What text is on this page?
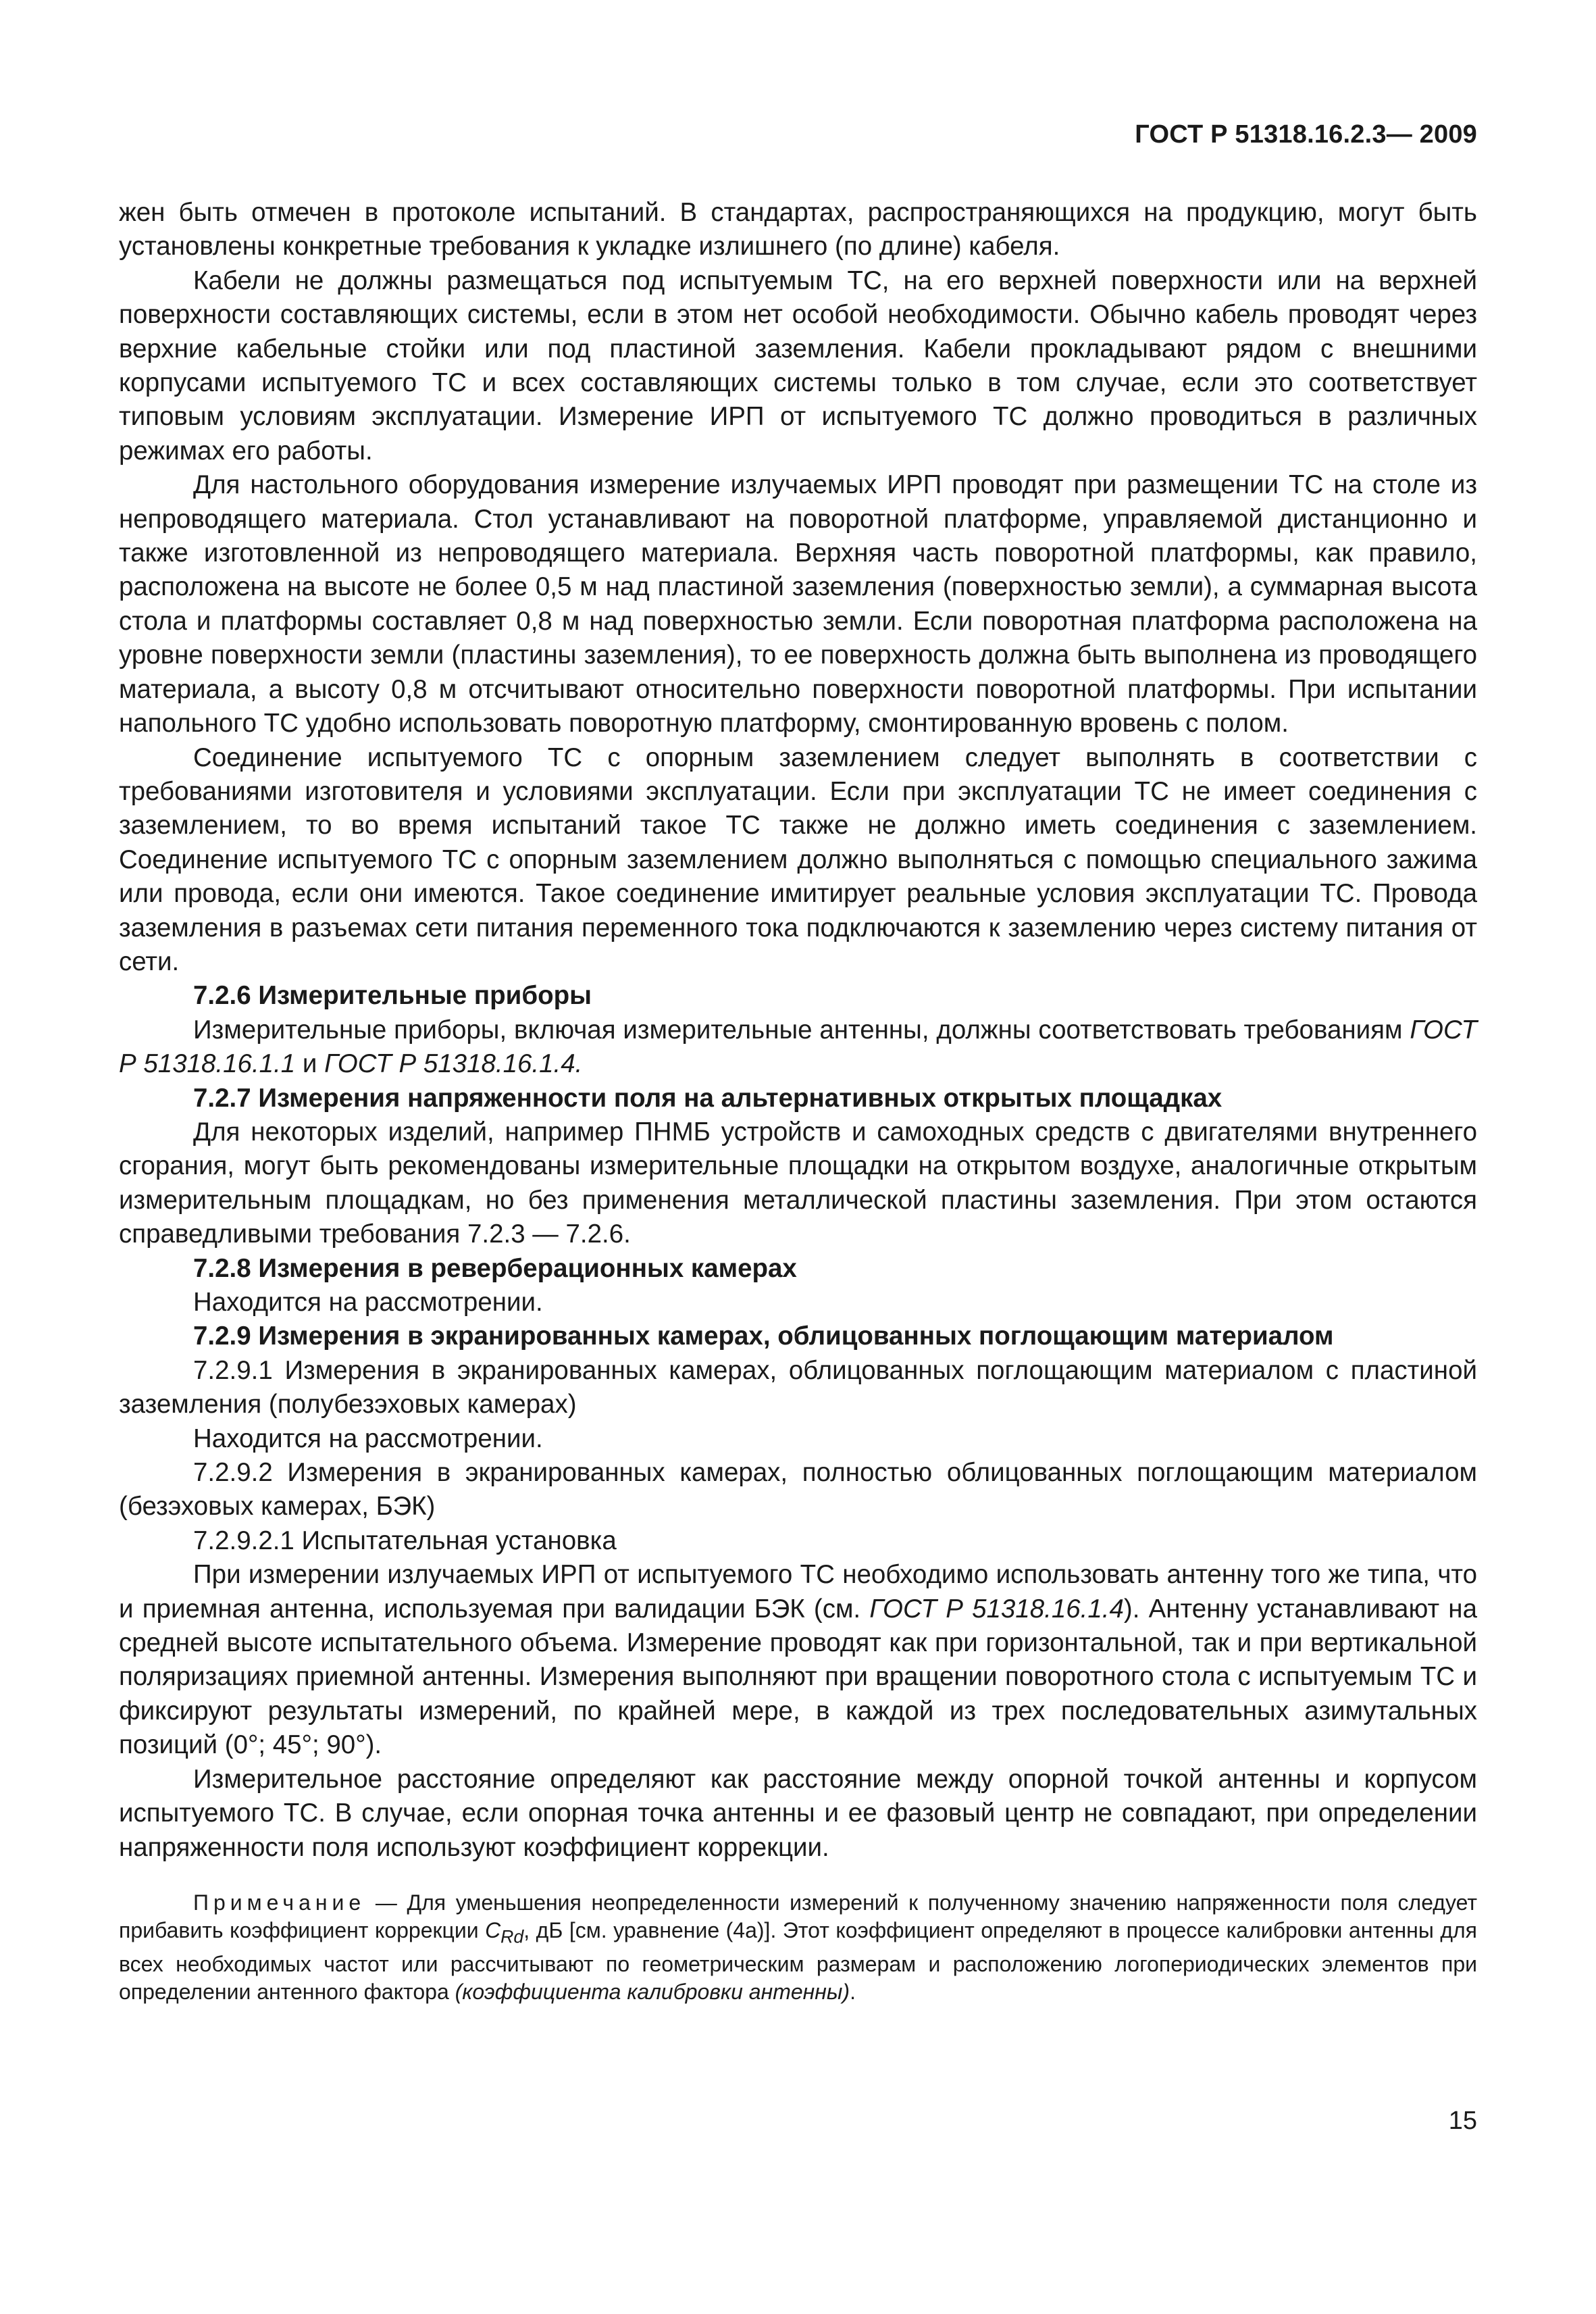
ГОСТ Р 51318.16.2.3— 2009

жен быть отмечен в протоколе испытаний. В стандартах, распространяющихся на продукцию, могут быть установлены конкретные требования к укладке излишнего (по длине) кабеля.

Кабели не должны размещаться под испытуемым ТС, на его верхней поверхности или на верхней поверхности составляющих системы, если в этом нет особой необходимости. Обычно кабель проводят через верхние кабельные стойки или под пластиной заземления. Кабели прокладывают рядом с внешними корпусами испытуемого ТС и всех составляющих системы только в том случае, если это соответствует типовым условиям эксплуатации. Измерение ИРП от испытуемого ТС должно проводиться в различных режимах его работы.

Для настольного оборудования измерение излучаемых ИРП проводят при размещении ТС на столе из непроводящего материала. Стол устанавливают на поворотной платформе, управляемой дистанционно и также изготовленной из непроводящего материала. Верхняя часть поворотной платформы, как правило, расположена на высоте не более 0,5 м над пластиной заземления (поверхностью земли), а суммарная высота стола и платформы составляет 0,8 м над поверхностью земли. Если поворотная платформа расположена на уровне поверхности земли (пластины заземления), то ее поверхность должна быть выполнена из проводящего материала, а высоту 0,8 м отсчитывают относительно поверхности поворотной платформы. При испытании напольного ТС удобно использовать поворотную платформу, смонтированную вровень с полом.

Соединение испытуемого ТС с опорным заземлением следует выполнять в соответствии с требованиями изготовителя и условиями эксплуатации. Если при эксплуатации ТС не имеет соединения с заземлением, то во время испытаний такое ТС также не должно иметь соединения с заземлением. Соединение испытуемого ТС с опорным заземлением должно выполняться с помощью специального зажима или провода, если они имеются. Такое соединение имитирует реальные условия эксплуатации ТС. Провода заземления в разъемах сети питания переменного тока подключаются к заземлению через систему питания от сети.

7.2.6 Измерительные приборы

Измерительные приборы, включая измерительные антенны, должны соответствовать требованиям ГОСТ Р 51318.16.1.1 и ГОСТ Р 51318.16.1.4.

7.2.7 Измерения напряженности поля на альтернативных открытых площадках

Для некоторых изделий, например ПНМБ устройств и самоходных средств с двигателями внутреннего сгорания, могут быть рекомендованы измерительные площадки на открытом воздухе, аналогичные открытым измерительным площадкам, но без применения металлической пластины заземления. При этом остаются справедливыми требования 7.2.3 — 7.2.6.

7.2.8 Измерения в реверберационных камерах

Находится на рассмотрении.

7.2.9 Измерения в экранированных камерах, облицованных поглощающим материалом

7.2.9.1 Измерения в экранированных камерах, облицованных поглощающим материалом с пластиной заземления (полубезэховых камерах)

Находится на рассмотрении.

7.2.9.2 Измерения в экранированных камерах, полностью облицованных поглощающим материалом (безэховых камерах, БЭК)

7.2.9.2.1 Испытательная установка

При измерении излучаемых ИРП от испытуемого ТС необходимо использовать антенну того же типа, что и приемная антенна, используемая при валидации БЭК (см. ГОСТ Р 51318.16.1.4). Антенну устанавливают на средней высоте испытательного объема. Измерение проводят как при горизонтальной, так и при вертикальной поляризациях приемной антенны. Измерения выполняют при вращении поворотного стола с испытуемым ТС и фиксируют результаты измерений, по крайней мере, в каждой из трех последовательных азимутальных позиций (0°; 45°; 90°).

Измерительное расстояние определяют как расстояние между опорной точкой антенны и корпусом испытуемого ТС. В случае, если опорная точка антенны и ее фазовый центр не совпадают, при определении напряженности поля используют коэффициент коррекции.

Примечание — Для уменьшения неопределенности измерений к полученному значению напряженности поля следует прибавить коэффициент коррекции $C_{Rd}$, дБ [см. уравнение (4а)]. Этот коэффициент определяют в процессе калибровки антенны для всех необходимых частот или рассчитывают по геометрическим размерам и расположению логопериодических элементов при определении антенного фактора (коэффициента калибровки антенны).

15
